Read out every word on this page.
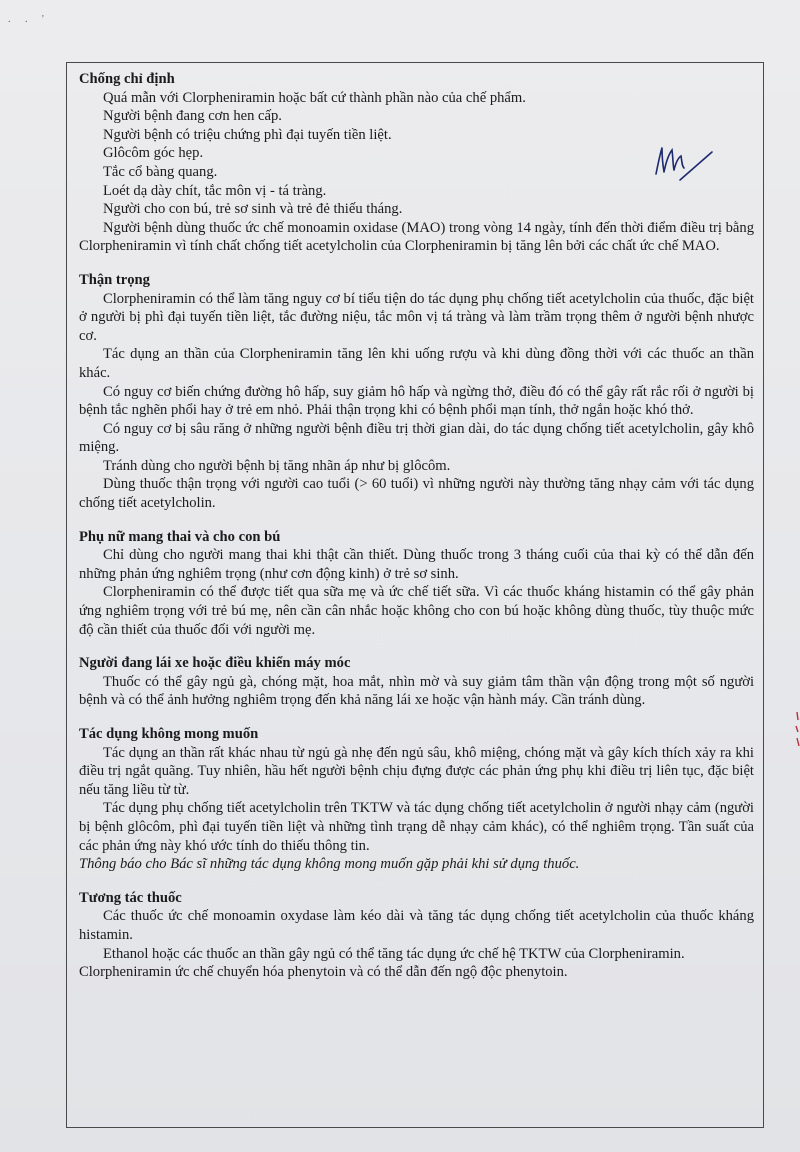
. . '
Chống chỉ định

Quá mẫn với Clorpheniramin hoặc bất cứ thành phần nào của chế phẩm.

Người bệnh đang cơn hen cấp.

Người bệnh có triệu chứng phì đại tuyến tiền liệt.

Glôcôm góc hẹp.

Tắc cổ bàng quang.

Loét dạ dày chít, tắc môn vị - tá tràng.

Người cho con bú, trẻ sơ sinh và trẻ đẻ thiếu tháng.

Người bệnh dùng thuốc ức chế monoamin oxidase (MAO) trong vòng 14 ngày, tính đến thời điểm điều trị bằng Clorpheniramin vì tính chất chống tiết acetylcholin của Clorpheniramin bị tăng lên bởi các chất ức chế MAO.

Thận trọng

Clorpheniramin có thể làm tăng nguy cơ bí tiểu tiện do tác dụng phụ chống tiết acetylcholin của thuốc, đặc biệt ở người bị phì đại tuyến tiền liệt, tắc đường niệu, tắc môn vị tá tràng và làm trầm trọng thêm ở người bệnh nhược cơ.

Tác dụng an thần của Clorpheniramin tăng lên khi uống rượu và khi dùng đồng thời với các thuốc an thần khác.

Có nguy cơ biến chứng đường hô hấp, suy giảm hô hấp và ngừng thở, điều đó có thể gây rất rắc rối ở người bị bệnh tắc nghẽn phổi hay ở trẻ em nhỏ. Phải thận trọng khi có bệnh phổi mạn tính, thở ngắn hoặc khó thở.

Có nguy cơ bị sâu răng ở những người bệnh điều trị thời gian dài, do tác dụng chống tiết acetylcholin, gây khô miệng.

Tránh dùng cho người bệnh bị tăng nhãn áp như bị glôcôm.

Dùng thuốc thận trọng với người cao tuổi (> 60 tuổi) vì những người này thường tăng nhạy cảm với tác dụng chống tiết acetylcholin.

Phụ nữ mang thai và cho con bú

Chỉ dùng cho người mang thai khi thật cần thiết. Dùng thuốc trong 3 tháng cuối của thai kỳ có thể dẫn đến những phản ứng nghiêm trọng (như cơn động kinh) ở trẻ sơ sinh.

Clorpheniramin có thể được tiết qua sữa mẹ và ức chế tiết sữa. Vì các thuốc kháng histamin có thể gây phản ứng nghiêm trọng với trẻ bú mẹ, nên cần cân nhắc hoặc không cho con bú hoặc không dùng thuốc, tùy thuộc mức độ cần thiết của thuốc đối với người mẹ.

Người đang lái xe hoặc điều khiển máy móc

Thuốc có thể gây ngủ gà, chóng mặt, hoa mắt, nhìn mờ và suy giảm tâm thần vận động trong một số người bệnh và có thể ảnh hưởng nghiêm trọng đến khả năng lái xe hoặc vận hành máy. Cần tránh dùng.

Tác dụng không mong muốn

Tác dụng an thần rất khác nhau từ ngủ gà nhẹ đến ngủ sâu, khô miệng, chóng mặt và gây kích thích xảy ra khi điều trị ngắt quãng. Tuy nhiên, hầu hết người bệnh chịu đựng được các phản ứng phụ khi điều trị liên tục, đặc biệt nếu tăng liều từ từ.

Tác dụng phụ chống tiết acetylcholin trên TKTW và tác dụng chống tiết acetylcholin ở người nhạy cảm (người bị bệnh glôcôm, phì đại tuyến tiền liệt và những tình trạng dễ nhạy cảm khác), có thể nghiêm trọng. Tần suất của các phản ứng này khó ước tính do thiếu thông tin.

Thông báo cho Bác sĩ những tác dụng không mong muốn gặp phải khi sử dụng thuốc.

Tương tác thuốc

Các thuốc ức chế monoamin oxydase làm kéo dài và tăng tác dụng chống tiết acetylcholin của thuốc kháng histamin.

Ethanol hoặc các thuốc an thần gây ngủ có thể tăng tác dụng ức chế hệ TKTW của Clorpheniramin.

Clorpheniramin ức chế chuyển hóa phenytoin và có thể dẫn đến ngộ độc phenytoin.
